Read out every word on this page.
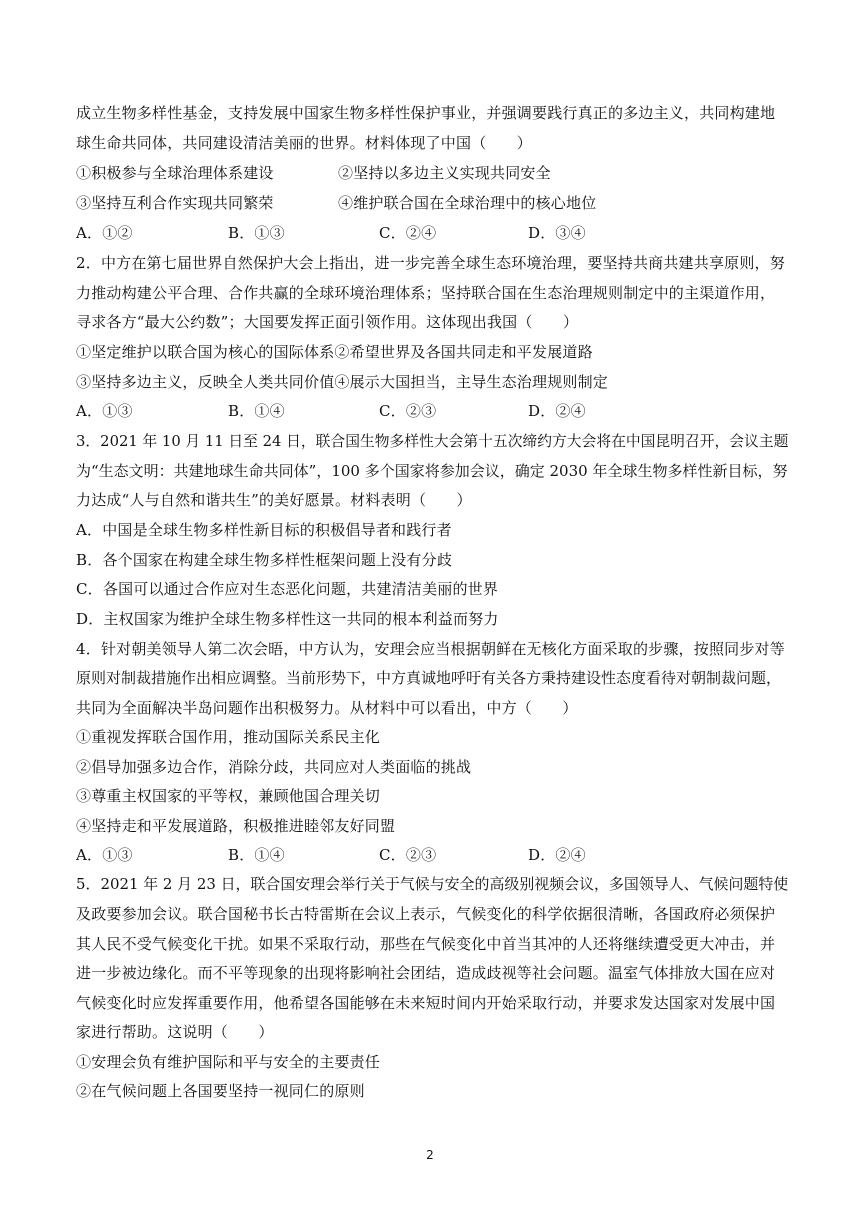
成立生物多样性基金，支持发展中国家生物多样性保护事业，并强调要践行真正的多边主义，共同构建地
球生命共同体，共同建设清洁美丽的世界。材料体现了中国（　　）
①积极参与全球治理体系建设	②坚持以多边主义实现共同安全
③坚持互利合作实现共同繁荣	④维护联合国在全球治理中的核心地位
A．①②	B．①③	C．②④	D．③④
2．中方在第七届世界自然保护大会上指出，进一步完善全球生态环境治理，要坚持共商共建共享原则，努
力推动构建公平合理、合作共赢的全球环境治理体系；坚持联合国在生态治理规则制定中的主渠道作用，
寻求各方“最大公约数”；大国要发挥正面引领作用。这体现出我国（　　）
①坚定维护以联合国为核心的国际体系②希望世界及各国共同走和平发展道路
③坚持多边主义，反映全人类共同价值④展示大国担当，主导生态治理规则制定
A．①③	B．①④	C．②③	D．②④
3．2021 年 10 月 11 日至 24 日，联合国生物多样性大会第十五次缔约方大会将在中国昆明召开，会议主题
为“生态文明：共建地球生命共同体”，100 多个国家将参加会议，确定 2030 年全球生物多样性新目标，努
力达成“人与自然和谐共生”的美好愿景。材料表明（　　）
A．中国是全球生物多样性新目标的积极倡导者和践行者
B．各个国家在构建全球生物多样性框架问题上没有分歧
C．各国可以通过合作应对生态恶化问题，共建清洁美丽的世界
D．主权国家为维护全球生物多样性这一共同的根本利益而努力
4．针对朝美领导人第二次会晤，中方认为，安理会应当根据朝鲜在无核化方面采取的步骤，按照同步对等
原则对制裁措施作出相应调整。当前形势下，中方真诚地呼吁有关各方秉持建设性态度看待对朝制裁问题，
共同为全面解决半岛问题作出积极努力。从材料中可以看出，中方（　　）
①重视发挥联合国作用，推动国际关系民主化
②倡导加强多边合作，消除分歧，共同应对人类面临的挑战
③尊重主权国家的平等权，兼顾他国合理关切
④坚持走和平发展道路，积极推进睦邻友好同盟
A．①③	B．①④	C．②③	D．②④
5．2021 年 2 月 23 日，联合国安理会举行关于气候与安全的高级别视频会议，多国领导人、气候问题特使
及政要参加会议。联合国秘书长古特雷斯在会议上表示，气候变化的科学依据很清晰，各国政府必须保护
其人民不受气候变化干扰。如果不采取行动，那些在气候变化中首当其冲的人还将继续遭受更大冲击，并
进一步被边缘化。而不平等现象的出现将影响社会团结，造成歧视等社会问题。温室气体排放大国在应对
气候变化时应发挥重要作用，他希望各国能够在未来短时间内开始采取行动，并要求发达国家对发展中国
家进行帮助。这说明（　　）
①安理会负有维护国际和平与安全的主要责任
②在气候问题上各国要坚持一视同仁的原则
2
